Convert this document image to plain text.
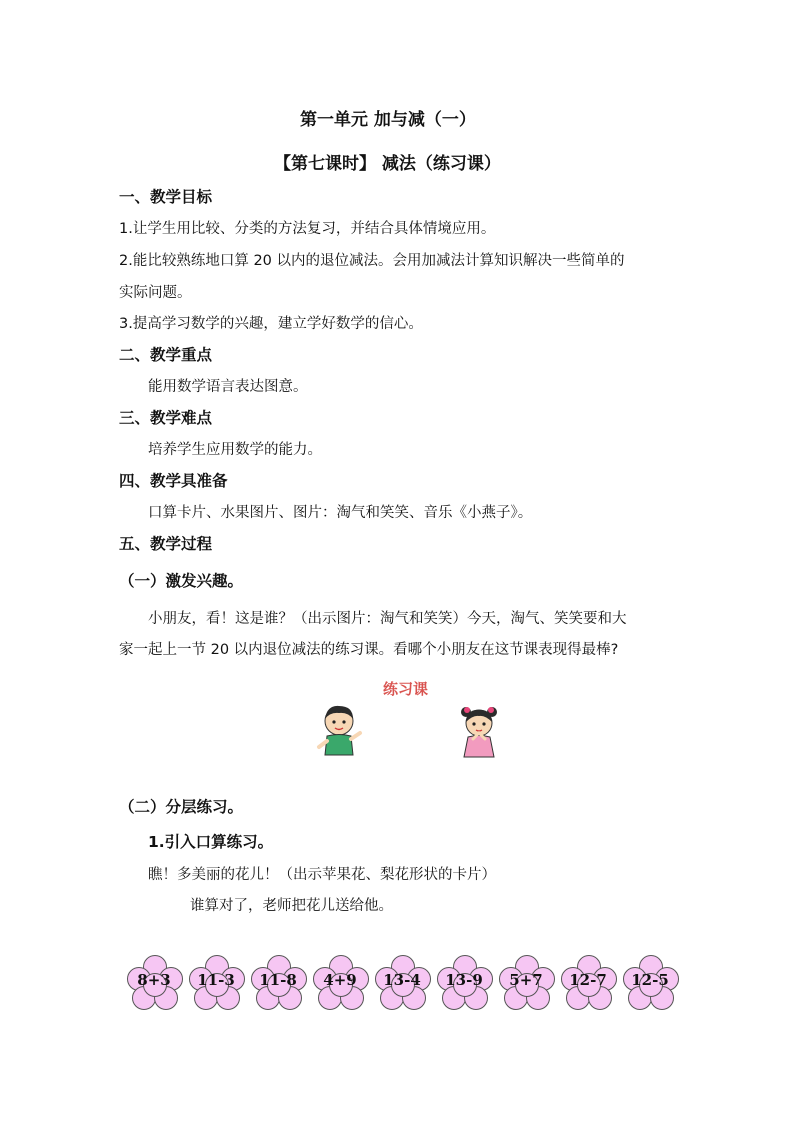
第一单元 加与减（一）
【第七课时】 减法（练习课）
一、教学目标
1.让学生用比较、分类的方法复习，并结合具体情境应用。
2.能比较熟练地口算 20 以内的退位减法。会用加减法计算知识解决一些简单的
实际问题。
3.提高学习数学的兴趣，建立学好数学的信心。
二、教学重点
能用数学语言表达图意。
三、教学难点
培养学生应用数学的能力。
四、教学具准备
口算卡片、水果图片、图片：淘气和笑笑、音乐《小燕子》。
五、教学过程
（一）激发兴趣。
小朋友，看！这是谁？（出示图片：淘气和笑笑）今天，淘气、笑笑要和大
家一起上一节 20 以内退位减法的练习课。看哪个小朋友在这节课表现得最棒?
练习课
（二）分层练习。
1.引入口算练习。
瞧！多美丽的花儿！（出示苹果花、梨花形状的卡片）
谁算对了，老师把花儿送给他。
8+3	11-3	11-8	4+9	13-4	13-9	5+7	12-7	12-5
